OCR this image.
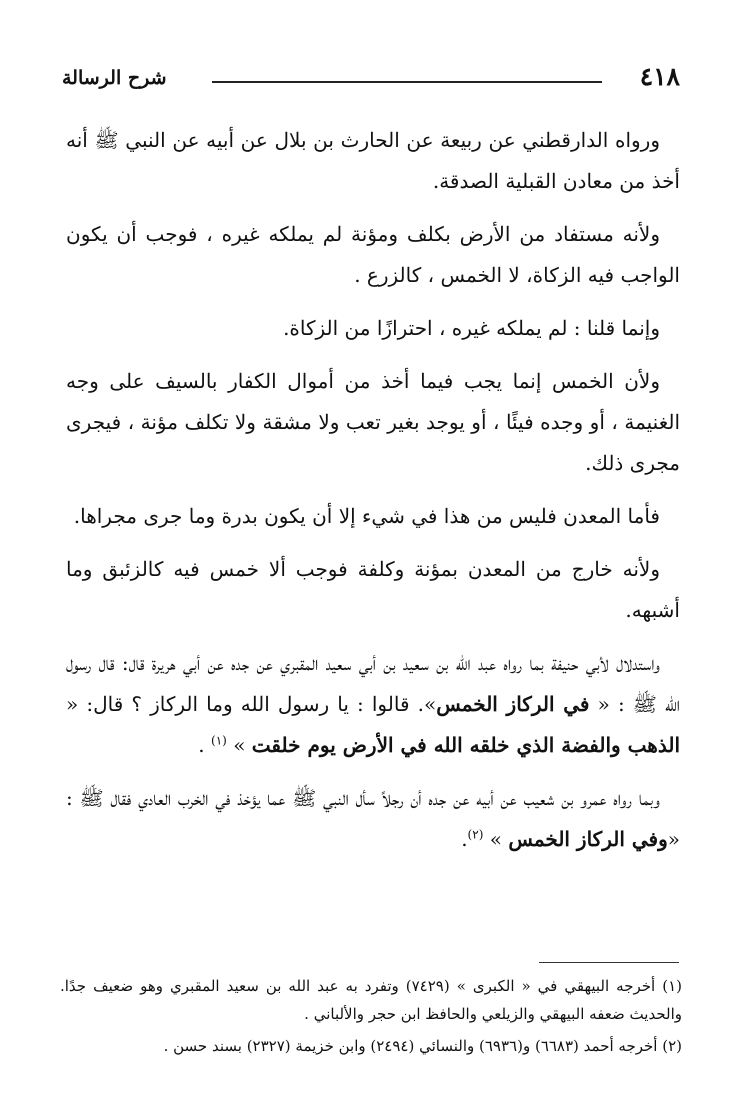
٤١٨
شرح الرسالة

ورواه الدارقطني عن ربيعة عن الحارث بن بلال عن أبيه عن النبي ﷺ أنه أخذ من معادن القبلية الصدقة.

ولأنه مستفاد من الأرض بكلف ومؤنة لم يملكه غيره ، فوجب أن يكون الواجب فيه الزكاة، لا الخمس ، كالزرع .

وإنما قلنا : لم يملكه غيره ، احترازًا من الزكاة.

ولأن الخمس إنما يجب فيما أخذ من أموال الكفار بالسيف على وجه الغنيمة ، أو وجده فيئًا ، أو يوجد بغير تعب ولا مشقة ولا تكلف مؤنة ، فيجرى مجرى ذلك.

فأما المعدن فليس من هذا في شيء إلا أن يكون بدرة وما جرى مجراها.

ولأنه خارج من المعدن بمؤنة وكلفة فوجب ألا خمس فيه كالزئبق وما أشبهه.

واستدلال لأبي حنيفة بما رواه عبد الله بن سعيد بن أبي سعيد المقبري عن جده عن أبي هريرة قال: قال رسول الله ﷺ : « في الركاز الخمس». قالوا : يا رسول الله وما الركاز ؟ قال: « الذهب والفضة الذي خلقه الله في الأرض يوم خلقت » $^{(١)}$ .

وبما رواه عمرو بن شعيب عن أبيه عن جده أن رجلاً سأل النبي ﷺ عما يؤخذ في الخرب العادي فقال ﷺ : «وفي الركاز الخمس » $^{(٢)}$.

(١) أخرجه البيهقي في « الكبرى » (٧٤٢٩) وتفرد به عبد الله بن سعيد المقبري وهو ضعيف جدًا. والحديث ضعفه البيهقي والزيلعي والحافظ ابن حجر والألباني .

(٢) أخرجه أحمد (٦٦٨٣) و(٦٩٣٦) والنسائي (٢٤٩٤) وابن خزيمة (٢٣٢٧) بسند حسن .
